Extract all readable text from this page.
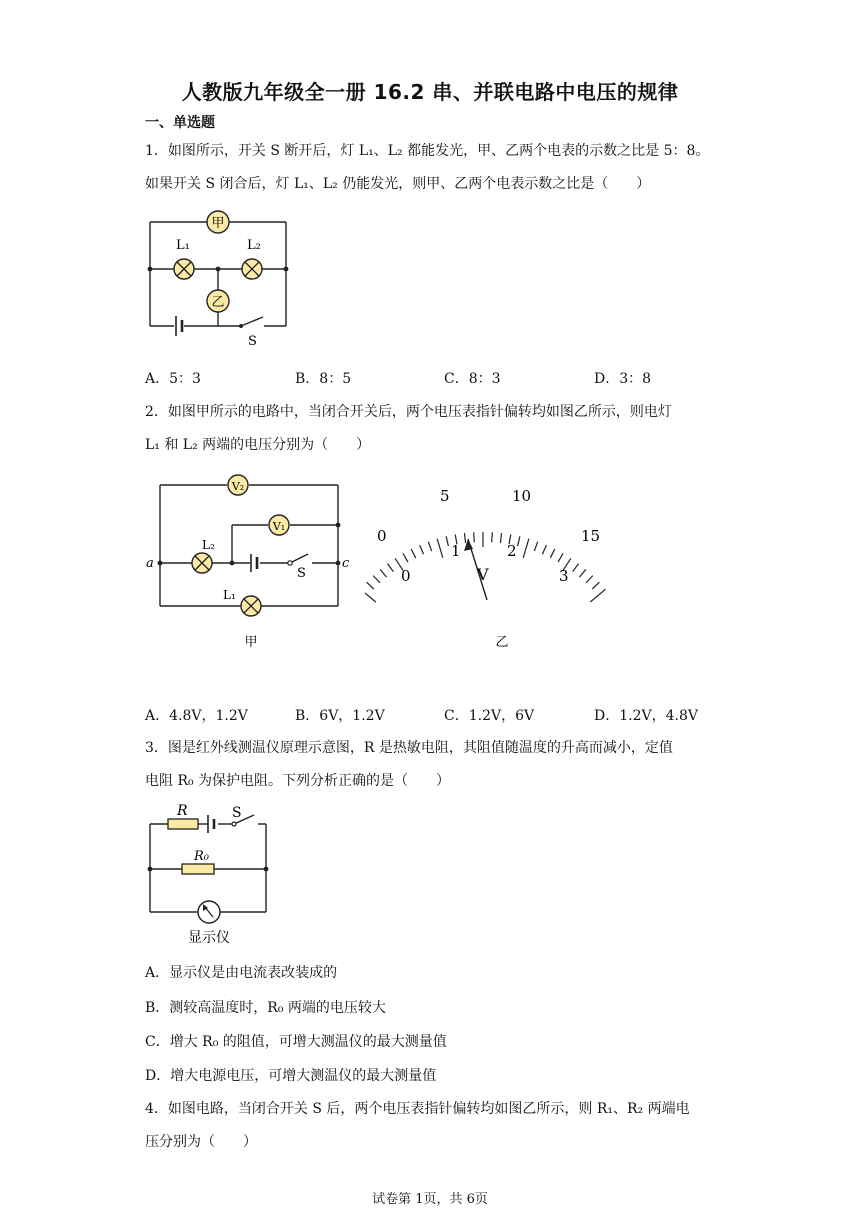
人教版九年级全一册 16.2 串、并联电路中电压的规律
一、单选题
1．如图所示，开关 S 断开后，灯 L₁、L₂ 都能发光，甲、乙两个电表的示数之比是 5：8。
如果开关 S 闭合后，灯 L₁、L₂ 仍能发光，则甲、乙两个电表示数之比是（　　）
甲
乙
L₁	L₂
S
A．5：3	B．8：5	C．8：3	D．3：8
2．如图甲所示的电路中，当闭合开关后，两个电压表指针偏转均如图乙所示，则电灯
L₁ 和 L₂ 两端的电压分别为（　　）
V₂
V₁
L₂
L₁
S
a	c
甲
0
5	10
15
0
1	2
3
V
乙
A．4.8V，1.2V	B．6V，1.2V	C．1.2V，6V	D．1.2V，4.8V
3．图是红外线测温仪原理示意图，R 是热敏电阻，其阻值随温度的升高而减小，定值
电阻 R₀ 为保护电阻。下列分析正确的是（　　）
R	S
R₀
显示仪
A．显示仪是由电流表改装成的
B．测较高温度时，R₀ 两端的电压较大
C．增大 R₀ 的阻值，可增大测温仪的最大测量值
D．增大电源电压，可增大测温仪的最大测量值
4．如图电路，当闭合开关 S 后，两个电压表指针偏转均如图乙所示，则 R₁、R₂ 两端电
压分别为（　　）
试卷第 1页，共 6页
